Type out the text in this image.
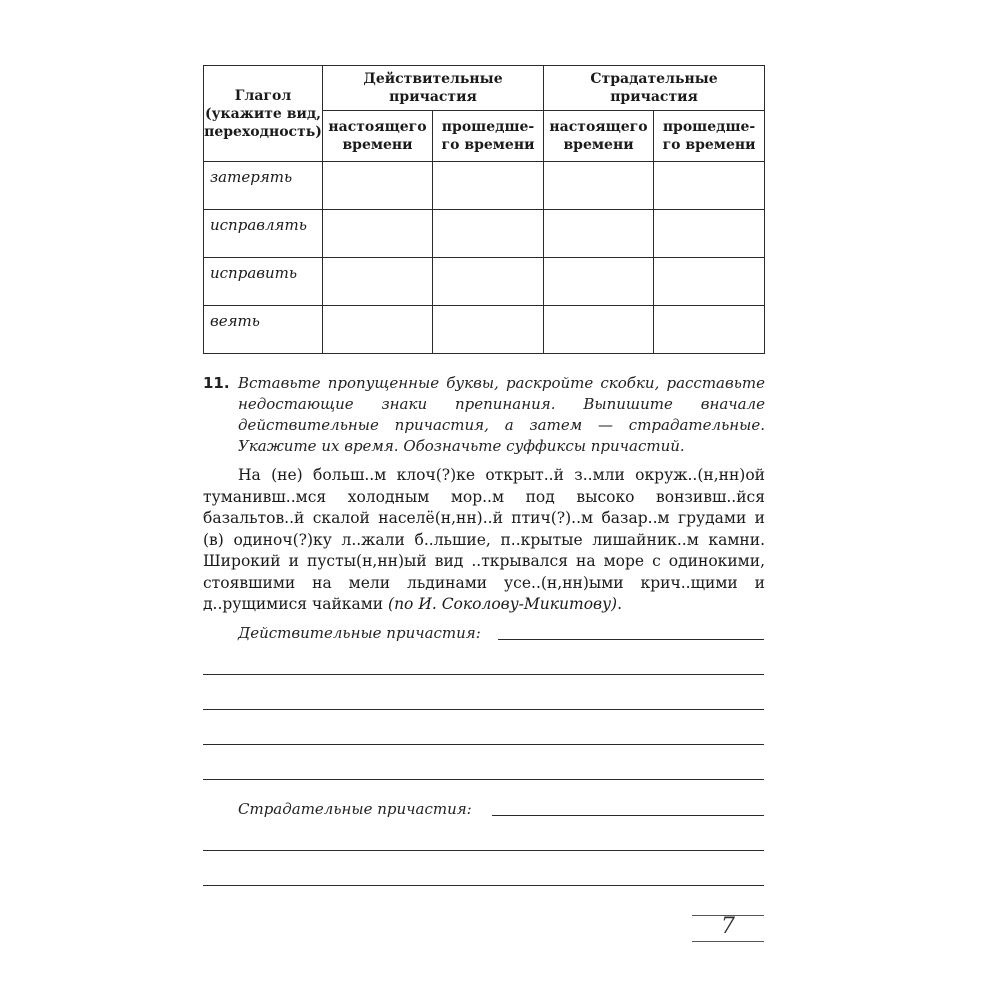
Глагол (укажите вид, переходность)	Действительные причастия		Страдательные причастия	
	настоящего времени	прошедше-го времени	настоящего времени	прошедше-го времени
затерять				
исправлять				
исправить				
веять				
11. Вставьте пропущенные буквы, раскройте скобки, расставьте недостающие знаки препинания. Выпишите вначале действительные причастия, а затем — страдательные. Укажите их время. Обозначьте суффиксы причастий.
На (не) больш..м клоч(?)ке открыт..й з..мли окруж..(н,нн)ой туманивш..мся холодным мор..м под высоко вонзивш..йся базальтов..й скалой населё(н,нн)..й птич(?)..м базар..м грудами и (в) одиноч(?)ку л..жали б..льшие, п..крытые лишайник..м камни. Широкий и пусты(н,нн)ый вид ..ткрывался на море с одинокими, стоявшими на мели льдинами усе..(н,нн)ыми крич..щими и д..рущимися чайками (по И. Соколову-Микитову).
Действительные причастия:
Страдательные причастия:
7
